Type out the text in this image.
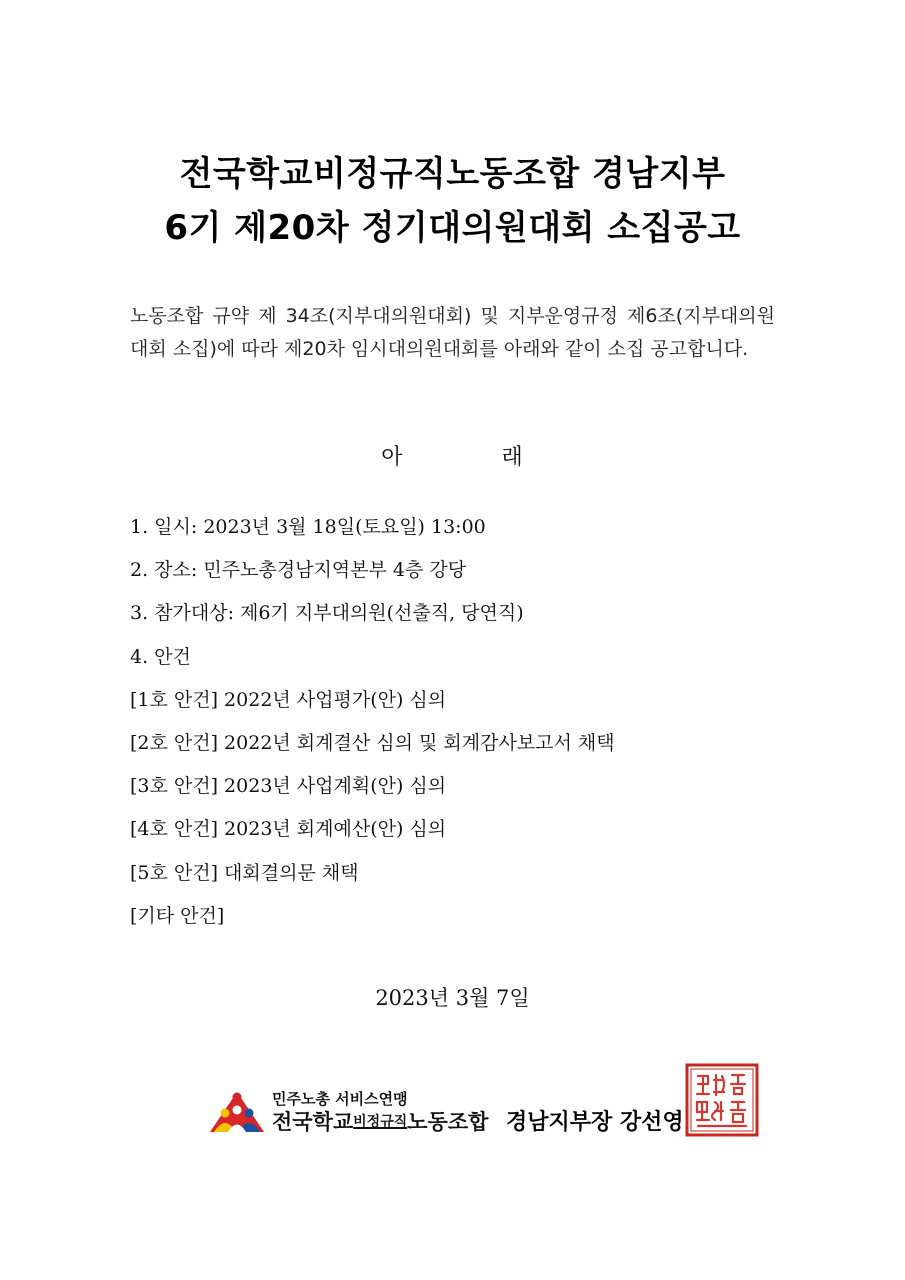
전국학교비정규직노동조합 경남지부
6기 제20차 정기대의원대회 소집공고

노동조합 규약 제 34조(지부대의원대회) 및 지부운영규정 제6조(지부대의원대회 소집)에 따라 제20차 임시대의원대회를 아래와 같이 소집 공고합니다.

아	래
1. 일시: 2023년 3월 18일(토요일) 13:00
2. 장소: 민주노총경남지역본부 4층 강당
3. 참가대상: 제6기 지부대의원(선출직, 당연직)
4. 안건
[1호 안건] 2022년 사업평가(안) 심의
[2호 안건] 2022년 회계결산 심의 및 회계감사보고서 채택
[3호 안건] 2023년 사업계획(안) 심의
[4호 안건] 2023년 회계예산(안) 심의
[5호 안건] 대회결의문 채택
[기타 안건]
2023년 3월 7일
민주노총 서비스연맹
전국학교비정규직노동조합 경남지부장 강선영
